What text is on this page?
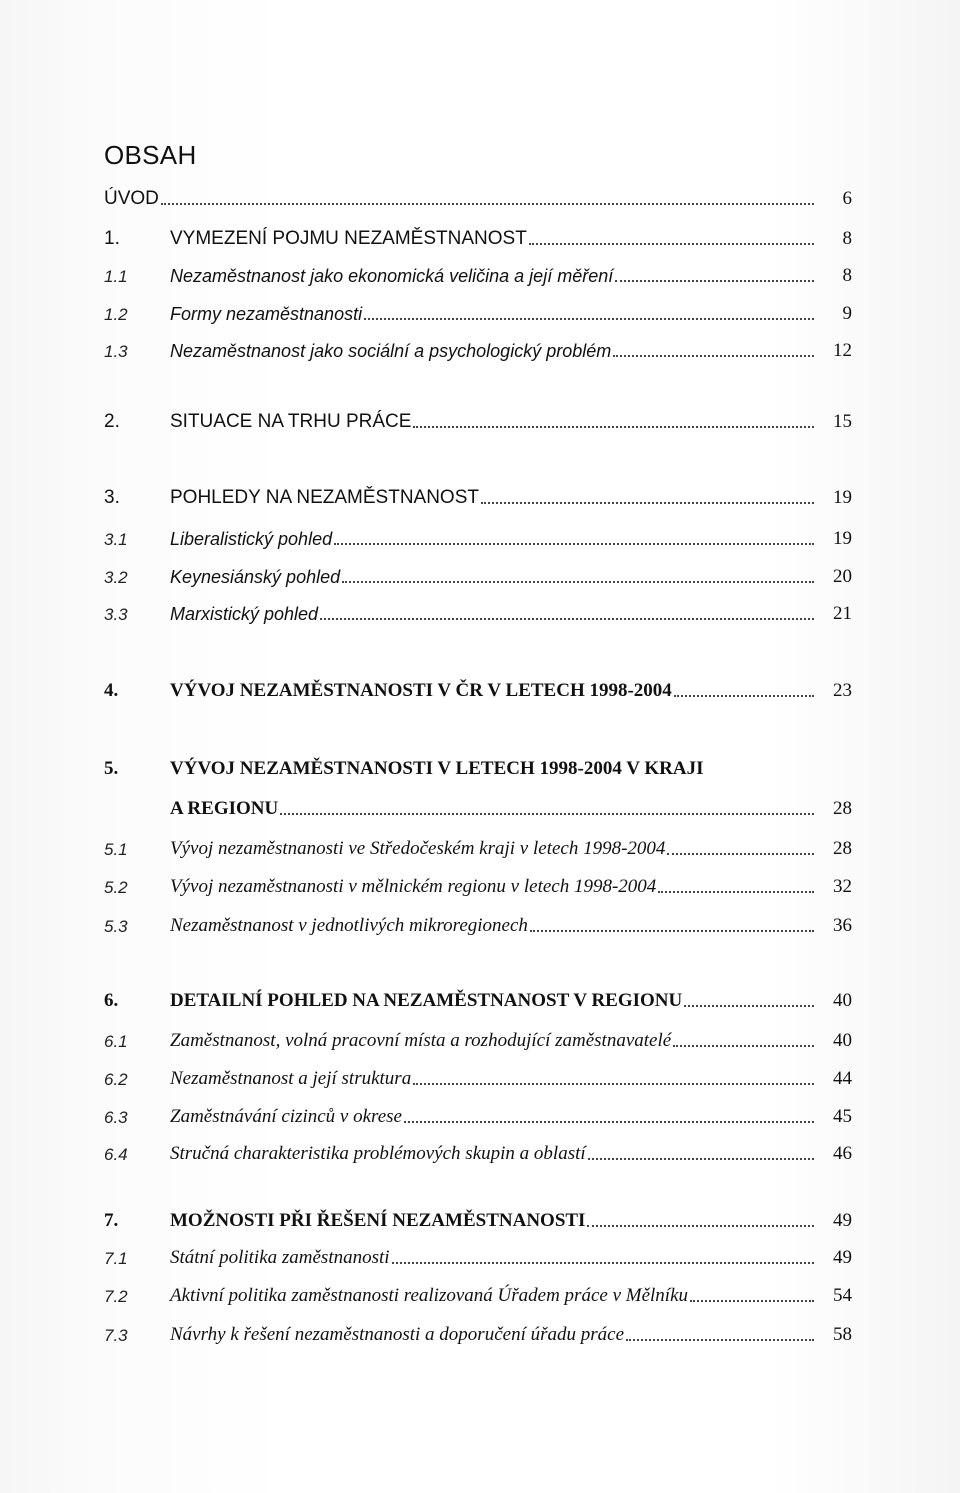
OBSAH
ÚVOD	6
1.	VYMEZENÍ POJMU NEZAMĚSTNANOST	8
1.1	Nezaměstnanost jako ekonomická veličina a její měření	8
1.2	Formy nezaměstnanosti	9
1.3	Nezaměstnanost jako sociální a psychologický problém	12
2.	SITUACE NA TRHU PRÁCE	15
3.	POHLEDY NA NEZAMĚSTNANOST	19
3.1	Liberalistický pohled	19
3.2	Keynesiánský pohled	20
3.3	Marxistický pohled	21
4.	VÝVOJ NEZAMĚSTNANOSTI V ČR V LETECH 1998-2004	23
5.	VÝVOJ NEZAMĚSTNANOSTI V LETECH 1998-2004 V KRAJI
A REGIONU	28
5.1	Vývoj nezaměstnanosti ve Středočeském kraji v letech 1998-2004	28
5.2	Vývoj nezaměstnanosti v mělnickém regionu v letech 1998-2004	32
5.3	Nezaměstnanost v jednotlivých mikroregionech	36
6.	DETAILNÍ POHLED NA NEZAMĚSTNANOST V REGIONU	40
6.1	Zaměstnanost, volná pracovní místa a rozhodující zaměstnavatelé	40
6.2	Nezaměstnanost a její struktura	44
6.3	Zaměstnávání cizinců v okrese	45
6.4	Stručná charakteristika problémových skupin a oblastí	46
7.	MOŽNOSTI PŘI ŘEŠENÍ NEZAMĚSTNANOSTI	49
7.1	Státní politika zaměstnanosti	49
7.2	Aktivní politika zaměstnanosti realizovaná Úřadem práce v Mělníku	54
7.3	Návrhy k řešení nezaměstnanosti a doporučení úřadu práce	58
